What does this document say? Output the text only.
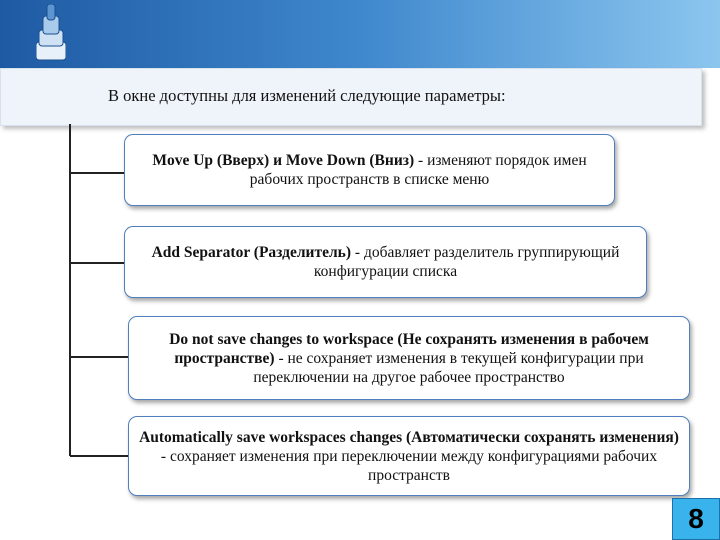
В окне доступны для изменений следующие параметры:
Move Up (Вверх) и Move Down (Вниз) - изменяют порядок имен рабочих пространств в списке меню
Add Separator (Разделитель) - добавляет разделитель группирующий конфигурации списка
Do not save changes to workspace (Не сохранять изменения в рабочем пространстве) - не сохраняет изменения в текущей конфигурации при переключении на другое рабочее пространство
Automatically save workspaces changes (Автоматически сохранять изменения) - сохраняет изменения при переключении между конфигурациями рабочих пространств
8
